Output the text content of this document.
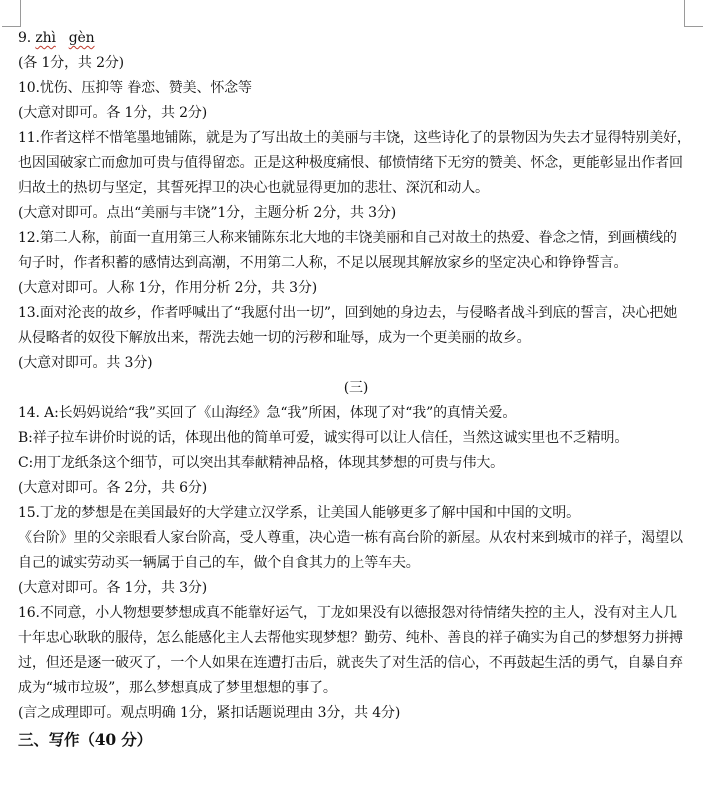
9. zhì gèn
(各 1分，共 2分)
10.忧伤、压抑等 眷恋、赞美、怀念等
(大意对即可。各 1分，共 2分)
11.作者这样不惜笔墨地铺陈，就是为了写出故土的美丽与丰饶，这些诗化了的景物因为失去才显得特别美好，
也因国破家亡而愈加可贵与值得留恋。正是这种极度痛恨、郁愤情绪下无穷的赞美、怀念，更能彰显出作者回
归故土的热切与坚定，其誓死捍卫的决心也就显得更加的悲壮、深沉和动人。
(大意对即可。点出“美丽与丰饶”1分，主题分析 2分，共 3分)
12.第二人称，前面一直用第三人称来铺陈东北大地的丰饶美丽和自己对故土的热爱、眷念之情，到画横线的
句子时，作者积蓄的感情达到高潮，不用第二人称，不足以展现其解放家乡的坚定决心和铮铮誓言。
(大意对即可。人称 1分，作用分析 2分，共 3分)
13.面对沦丧的故乡，作者呼喊出了“我愿付出一切”，回到她的身边去，与侵略者战斗到底的誓言，决心把她
从侵略者的奴役下解放出来，帮洗去她一切的污秽和耻辱，成为一个更美丽的故乡。
(大意对即可。共 3分)
(三)
14. A:长妈妈说给“我”买回了《山海经》急“我”所困，体现了对“我”的真情关爱。
B:祥子拉车讲价时说的话，体现出他的简单可爱，诚实得可以让人信任，当然这诚实里也不乏精明。
C:用丁龙纸条这个细节，可以突出其奉献精神品格，体现其梦想的可贵与伟大。
(大意对即可。各 2分，共 6分)
15.丁龙的梦想是在美国最好的大学建立汉学系，让美国人能够更多了解中国和中国的文明。
《台阶》里的父亲眼看人家台阶高，受人尊重，决心造一栋有高台阶的新屋。从农村来到城市的祥子，渴望以
自己的诚实劳动买一辆属于自己的车，做个自食其力的上等车夫。
(大意对即可。各 1分，共 3分)
16.不同意，小人物想要梦想成真不能靠好运气，丁龙如果没有以德报怨对待情绪失控的主人，没有对主人几
十年忠心耿耿的服侍，怎么能感化主人去帮他实现梦想？勤劳、纯朴、善良的祥子确实为自己的梦想努力拼搏
过，但还是逐一破灭了，一个人如果在连遭打击后，就丧失了对生活的信心，不再鼓起生活的勇气，自暴自弃
成为“城市垃圾”，那么梦想真成了梦里想想的事了。
(言之成理即可。观点明确 1分，紧扣话题说理由 3分，共 4分)
三、写作（40 分）
